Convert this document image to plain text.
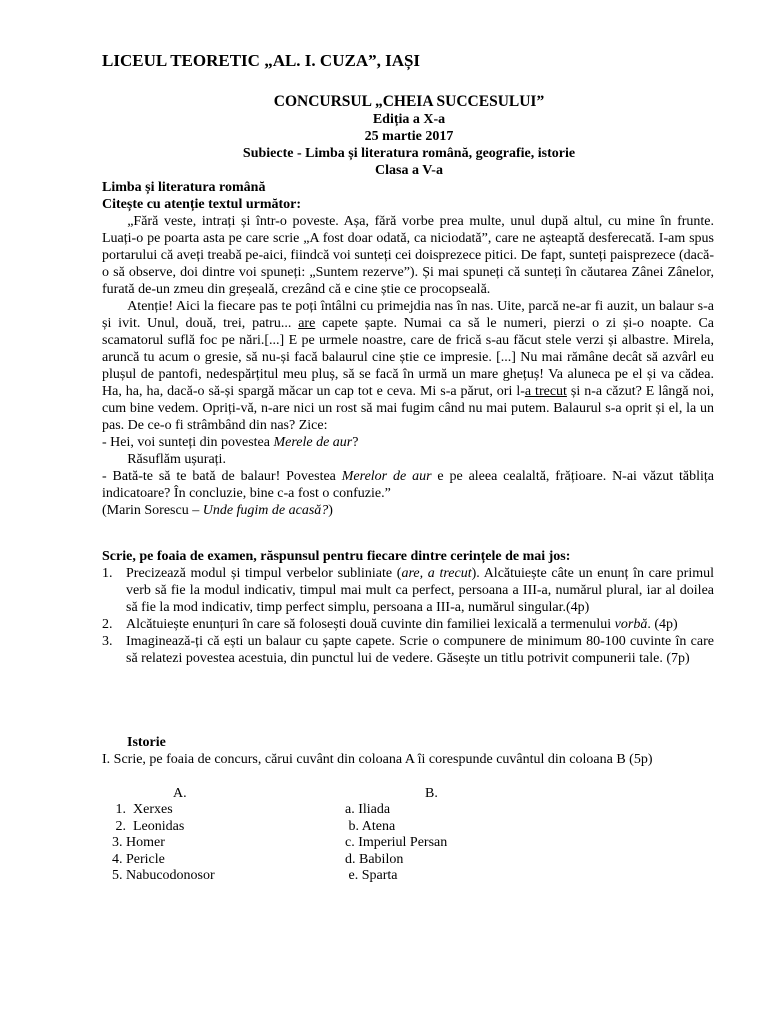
LICEUL TEORETIC „AL. I. CUZA”, IAȘI

CONCURSUL „CHEIA SUCCESULUI”
Ediția a X-a
25 martie 2017
Subiecte - Limba și literatura română, geografie, istorie
Clasa a V-a

Limba și literatura română

Citește cu atenție textul următor:

„Fără veste, intrați și într-o poveste. Așa, fără vorbe prea multe, unul după altul, cu mine în frunte. Luați-o pe poarta asta pe care scrie „A fost doar odată, ca niciodată”, care ne așteaptă desferecată. I-am spus portarului că aveți treabă pe-aici, fiindcă voi sunteți cei doisprezece pitici. De fapt, sunteți paisprezece (dacă-o să observe, doi dintre voi spuneți: „Suntem rezerve”). Și mai spuneți că sunteți în căutarea Zânei Zânelor, furată de-un zmeu din greșeală, crezând că e cine știe ce procopseală.

Atenție! Aici la fiecare pas te poți întâlni cu primejdia nas în nas. Uite, parcă ne-ar fi auzit, un balaur s-a și ivit. Unul, două, trei, patru... are capete șapte. Numai ca să le numeri, pierzi o zi și-o noapte. Ca scamatorul suflă foc pe nări.[...] E pe urmele noastre, care de frică s-au făcut stele verzi și albastre. Mirela, aruncă tu acum o gresie, să nu-și facă balaurul cine știe ce impresie. [...] Nu mai rămâne decât să azvârl eu plușul de pantofi, nedespărțitul meu pluș, să se facă în urmă un mare ghețuș! Va aluneca pe el și va cădea. Ha, ha, ha, dacă-o să-și spargă măcar un cap tot e ceva. Mi s-a părut, ori l-a trecut și n-a căzut? E lângă noi, cum bine vedem. Opriți-vă, n-are nici un rost să mai fugim când nu mai putem. Balaurul s-a oprit și el, la un pas. De ce-o fi strâmbând din nas? Zice:

- Hei, voi sunteți din povestea Merele de aur?

Răsuflăm ușurați.

- Bată-te să te bată de balaur! Povestea Merelor de aur e pe aleea cealaltă, frățioare. N-ai văzut tăblița indicatoare? În concluzie, bine c-a fost o confuzie.”

(Marin Sorescu – Unde fugim de acasă?)

Scrie, pe foaia de examen, răspunsul pentru fiecare dintre cerințele de mai jos:

1. Precizează modul și timpul verbelor subliniate (are, a trecut). Alcătuiește câte un enunț în care primul verb să fie la modul indicativ, timpul mai mult ca perfect, persoana a III-a, numărul plural, iar al doilea să fie la mod indicativ, timp perfect simplu, persoana a III-a, numărul singular.(4p)
2. Alcătuiește enunțuri în care să folosești două cuvinte din familiei lexicală a termenului vorbă. (4p)
3. Imaginează-ți că ești un balaur cu șapte capete. Scrie o compunere de minimum 80-100 cuvinte în care să relatezi povestea acestuia, din punctul lui de vedere. Găsește un titlu potrivit compunerii tale. (7p)

Istorie

I. Scrie, pe foaia de concurs, cărui cuvânt din coloana A îi corespunde cuvântul din coloana B (5p)

A.	B.
1.  Xerxes
2.  Leonidas
3. Homer
4. Pericle
5. Nabucodonosor
a. Iliada
b. Atena
c. Imperiul Persan
d. Babilon
e. Sparta
